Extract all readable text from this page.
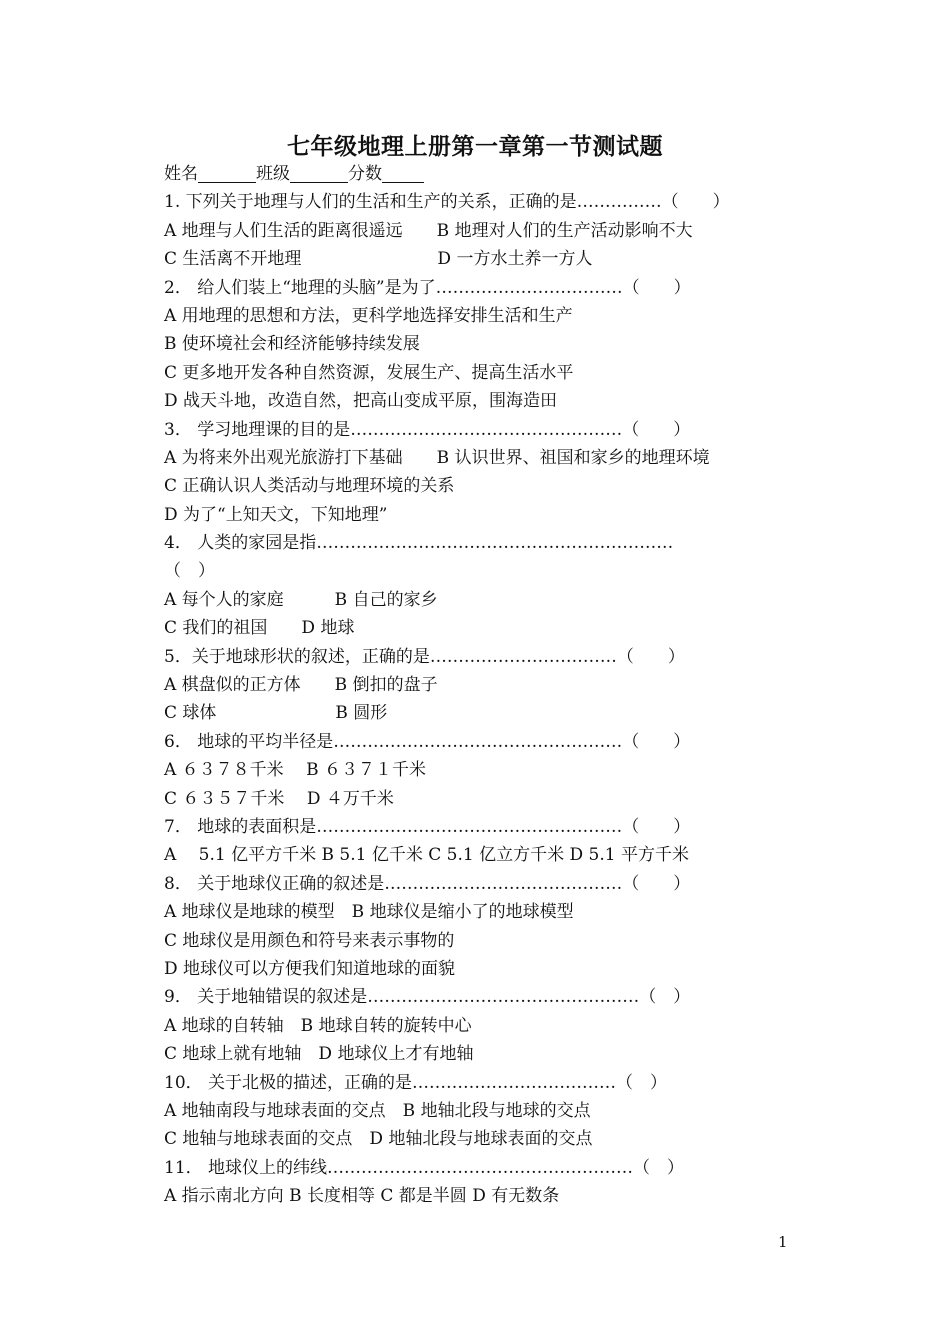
七年级地理上册第一章第一节测试题
姓名	班级	分数
1. 下列关于地理与人们的生活和生产的关系，正确的是……………（　　）
A 地理与人们生活的距离很遥远　　B 地理对人们的生产活动影响不大
C 生活离不开地理　　　　　　　　D 一方水土养一方人
2． 给人们装上“地理的头脑”是为了……………………………（　　）
A 用地理的思想和方法，更科学地选择安排生活和生产
B 使环境社会和经济能够持续发展
C 更多地开发各种自然资源，发展生产、提高生活水平
D 战天斗地，改造自然，把高山变成平原，围海造田
3． 学习地理课的目的是…………………………………………（　　）
A 为将来外出观光旅游打下基础　　B 认识世界、祖国和家乡的地理环境
C 正确认识人类活动与地理环境的关系
D 为了“上知天文，下知地理”
4． 人类的家园是指………………………………………………………
（　）
A 每个人的家庭　　　B 自己的家乡
C 我们的祖国　　D 地球
5．关于地球形状的叙述，正确的是……………………………（　　）
A 棋盘似的正方体　　B 倒扣的盘子
C 球体　　　　　　　B 圆形
6． 地球的平均半径是……………………………………………（　　）
A ６３７８千米　 B ６３７１千米
C ６３５７千米　 D ４万千米
7． 地球的表面积是………………………………………………（　　）
A　 5.1 亿平方千米 B 5.1 亿千米 C 5.1 亿立方千米 D 5.1 平方千米
8． 关于地球仪正确的叙述是……………………………………（　　）
A 地球仪是地球的模型　B 地球仪是缩小了的地球模型
C 地球仪是用颜色和符号来表示事物的
D 地球仪可以方便我们知道地球的面貌
9． 关于地轴错误的叙述是…………………………………………（　）
A 地球的自转轴　B 地球自转的旋转中心
C 地球上就有地轴　D 地球仪上才有地轴
10． 关于北极的描述，正确的是………………………………（　）
A 地轴南段与地球表面的交点　B 地轴北段与地球的交点
C 地轴与地球表面的交点　D 地轴北段与地球表面的交点
11． 地球仪上的纬线………………………………………………（　）
A 指示南北方向 B 长度相等 C 都是半圆 D 有无数条
1
